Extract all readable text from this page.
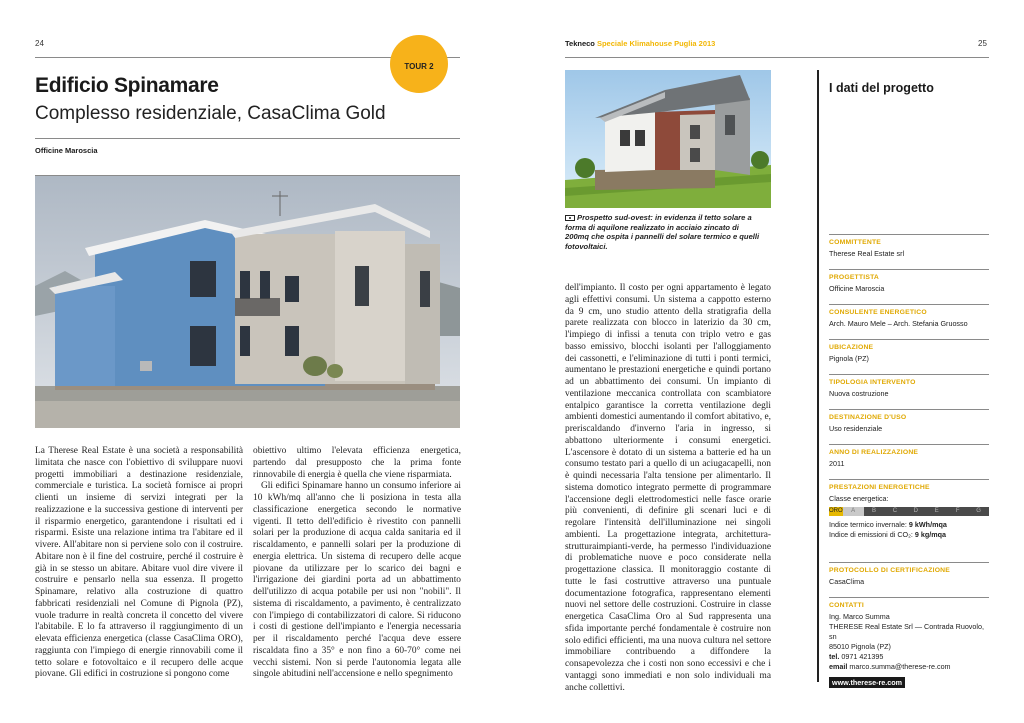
24
TOUR 2
Edificio Spinamare
Complesso residenziale, CasaClima Gold
Officine Maroscia

La Therese Real Estate è una società a responsabilità limitata che nasce con l'obiettivo di sviluppare nuovi progetti immobiliari a destinazione residenziale, commerciale e turistica. La società fornisce ai propri clienti un insieme di servizi integrati per la realizzazione e la successiva gestione di interventi per il risparmio energetico, garantendone i risultati ed i risparmi. Esiste una relazione intima tra l'abitare ed il vivere. All'abitare non si perviene solo con il costruire. Abitare non è il fine del costruire, perché il costruire è già in se stesso un abitare. Abitare vuol dire vivere il costruire e pensarlo nella sua essenza. Il progetto Spinamare, relativo alla costruzione di quattro fabbricati residenziali nel Comune di Pignola (PZ), vuole tradurre in realtà concreta il concetto del vivere l'abitabile. E lo fa attraverso il raggiungimento di un elevata efficienza energetica (classe CasaClima ORO), raggiunta con l'impiego di energie rinnovabili come il tetto solare e fotovoltaico e il recupero delle acque piovane. Gli edifici in costruzione si pongono come

obiettivo ultimo l'elevata efficienza energetica, partendo dal presupposto che la prima fonte rinnovabile di energia è quella che viene risparmiata.

Gli edifici Spinamare hanno un consumo inferiore ai 10 kWh/mq all'anno che li posiziona in testa alla classificazione energetica secondo le normative vigenti. Il tetto dell'edificio è rivestito con pannelli solari per la produzione di acqua calda sanitaria ed il riscaldamento, e pannelli solari per la produzione di energia elettrica. Un sistema di recupero delle acque piovane da utilizzare per lo scarico dei bagni e l'irrigazione dei giardini porta ad un abbattimento dell'utilizzo di acqua potabile per usi non "nobili". Il sistema di riscaldamento, a pavimento, è centralizzato con l'impiego di contabilizzatori di calore. Si riducono i costi di gestione dell'impianto e l'energia necessaria per il riscaldamento perché l'acqua deve essere riscaldata fino a 35° e non fino a 60-70° come nei vecchi sistemi. Non si perde l'autonomia legata alle singole abitudini nell'accensione e nello spegnimento

Tekneco Speciale Klimahouse Puglia 2013	25
Prospetto sud-ovest: in evidenza il tetto solare a forma di aquilone realizzato in acciaio zincato di 200mq che ospita i pannelli del solare termico e quelli fotovoltaici.

dell'impianto. Il costo per ogni appartamento è legato agli effettivi consumi. Un sistema a cappotto esterno da 9 cm, uno studio attento della stratigrafia della parete realizzata con blocco in laterizio da 30 cm, l'impiego di infissi a tenuta con triplo vetro e gas basso emissivo, blocchi isolanti per l'alloggiamento dei cassonetti, e l'eliminazione di tutti i ponti termici, aumentano le prestazioni energetiche e quindi portano ad un abbattimento dei consumi. Un impianto di ventilazione meccanica controllata con scambiatore entalpico garantisce la corretta ventilazione degli ambienti domestici aumentando il comfort abitativo, e, preriscaldando d'inverno l'aria in ingresso, si abbattono ulteriormente i consumi energetici. L'ascensore è dotato di un sistema a batterie ed ha un consumo testato pari a quello di un aciugacapelli, non è quindi necessaria l'alta tensione per alimentarlo. Il sistema domotico integrato permette di programmare l'accensione degli elettrodomestici nelle fasce orarie più convenienti, di definire gli scenari luci e di regolare l'intensità dell'illuminazione nei singoli ambienti. La progettazione integrata, architettura-strutturaimpianti-verde, ha permesso l'individuazione di problematiche nuove e poco considerate nella progettazione classica. Il monitoraggio costante di tutte le fasi costruttive attraverso una puntuale documentazione fotografica, rappresentano elementi nuovi nel settore delle costruzioni. Costruire in classe energetica CasaClima Oro al Sud rappresenta una sfida importante perché fondamentale è costruire non solo edifici efficienti, ma una nuova cultura nel settore immobiliare contribuendo a diffondere la consapevolezza che i costi non sono eccessivi e che i vantaggi sono immediati e non solo individuali ma anche collettivi.

I dati del progetto
COMMITTENTE
Therese Real Estate srl
PROGETTISTA
Officine Maroscia
CONSULENTE ENERGETICO
Arch. Mauro Mele – Arch. Stefania Gruosso
UBICAZIONE
Pignola (PZ)
TIPOLOGIA INTERVENTO
Nuova costruzione
DESTINAZIONE D'USO
Uso residenziale
ANNO DI REALIZZAZIONE
2011
PRESTAZIONI ENERGETICHE
Classe energetica:
ORO	A	B	C	D	E	F	G
Indice termico invernale: 9 kWh/mqa
Indice di emissioni di CO₂: 9 kg/mqa
PROTOCOLLO DI CERTIFICAZIONE
CasaClima
CONTATTI
Ing. Marco Summa
THERESE Real Estate Srl — Contrada Ruovolo, sn
85010 Pignola (PZ)
tel. 0971 421395
email marco.summa@therese-re.com
www.therese-re.com
